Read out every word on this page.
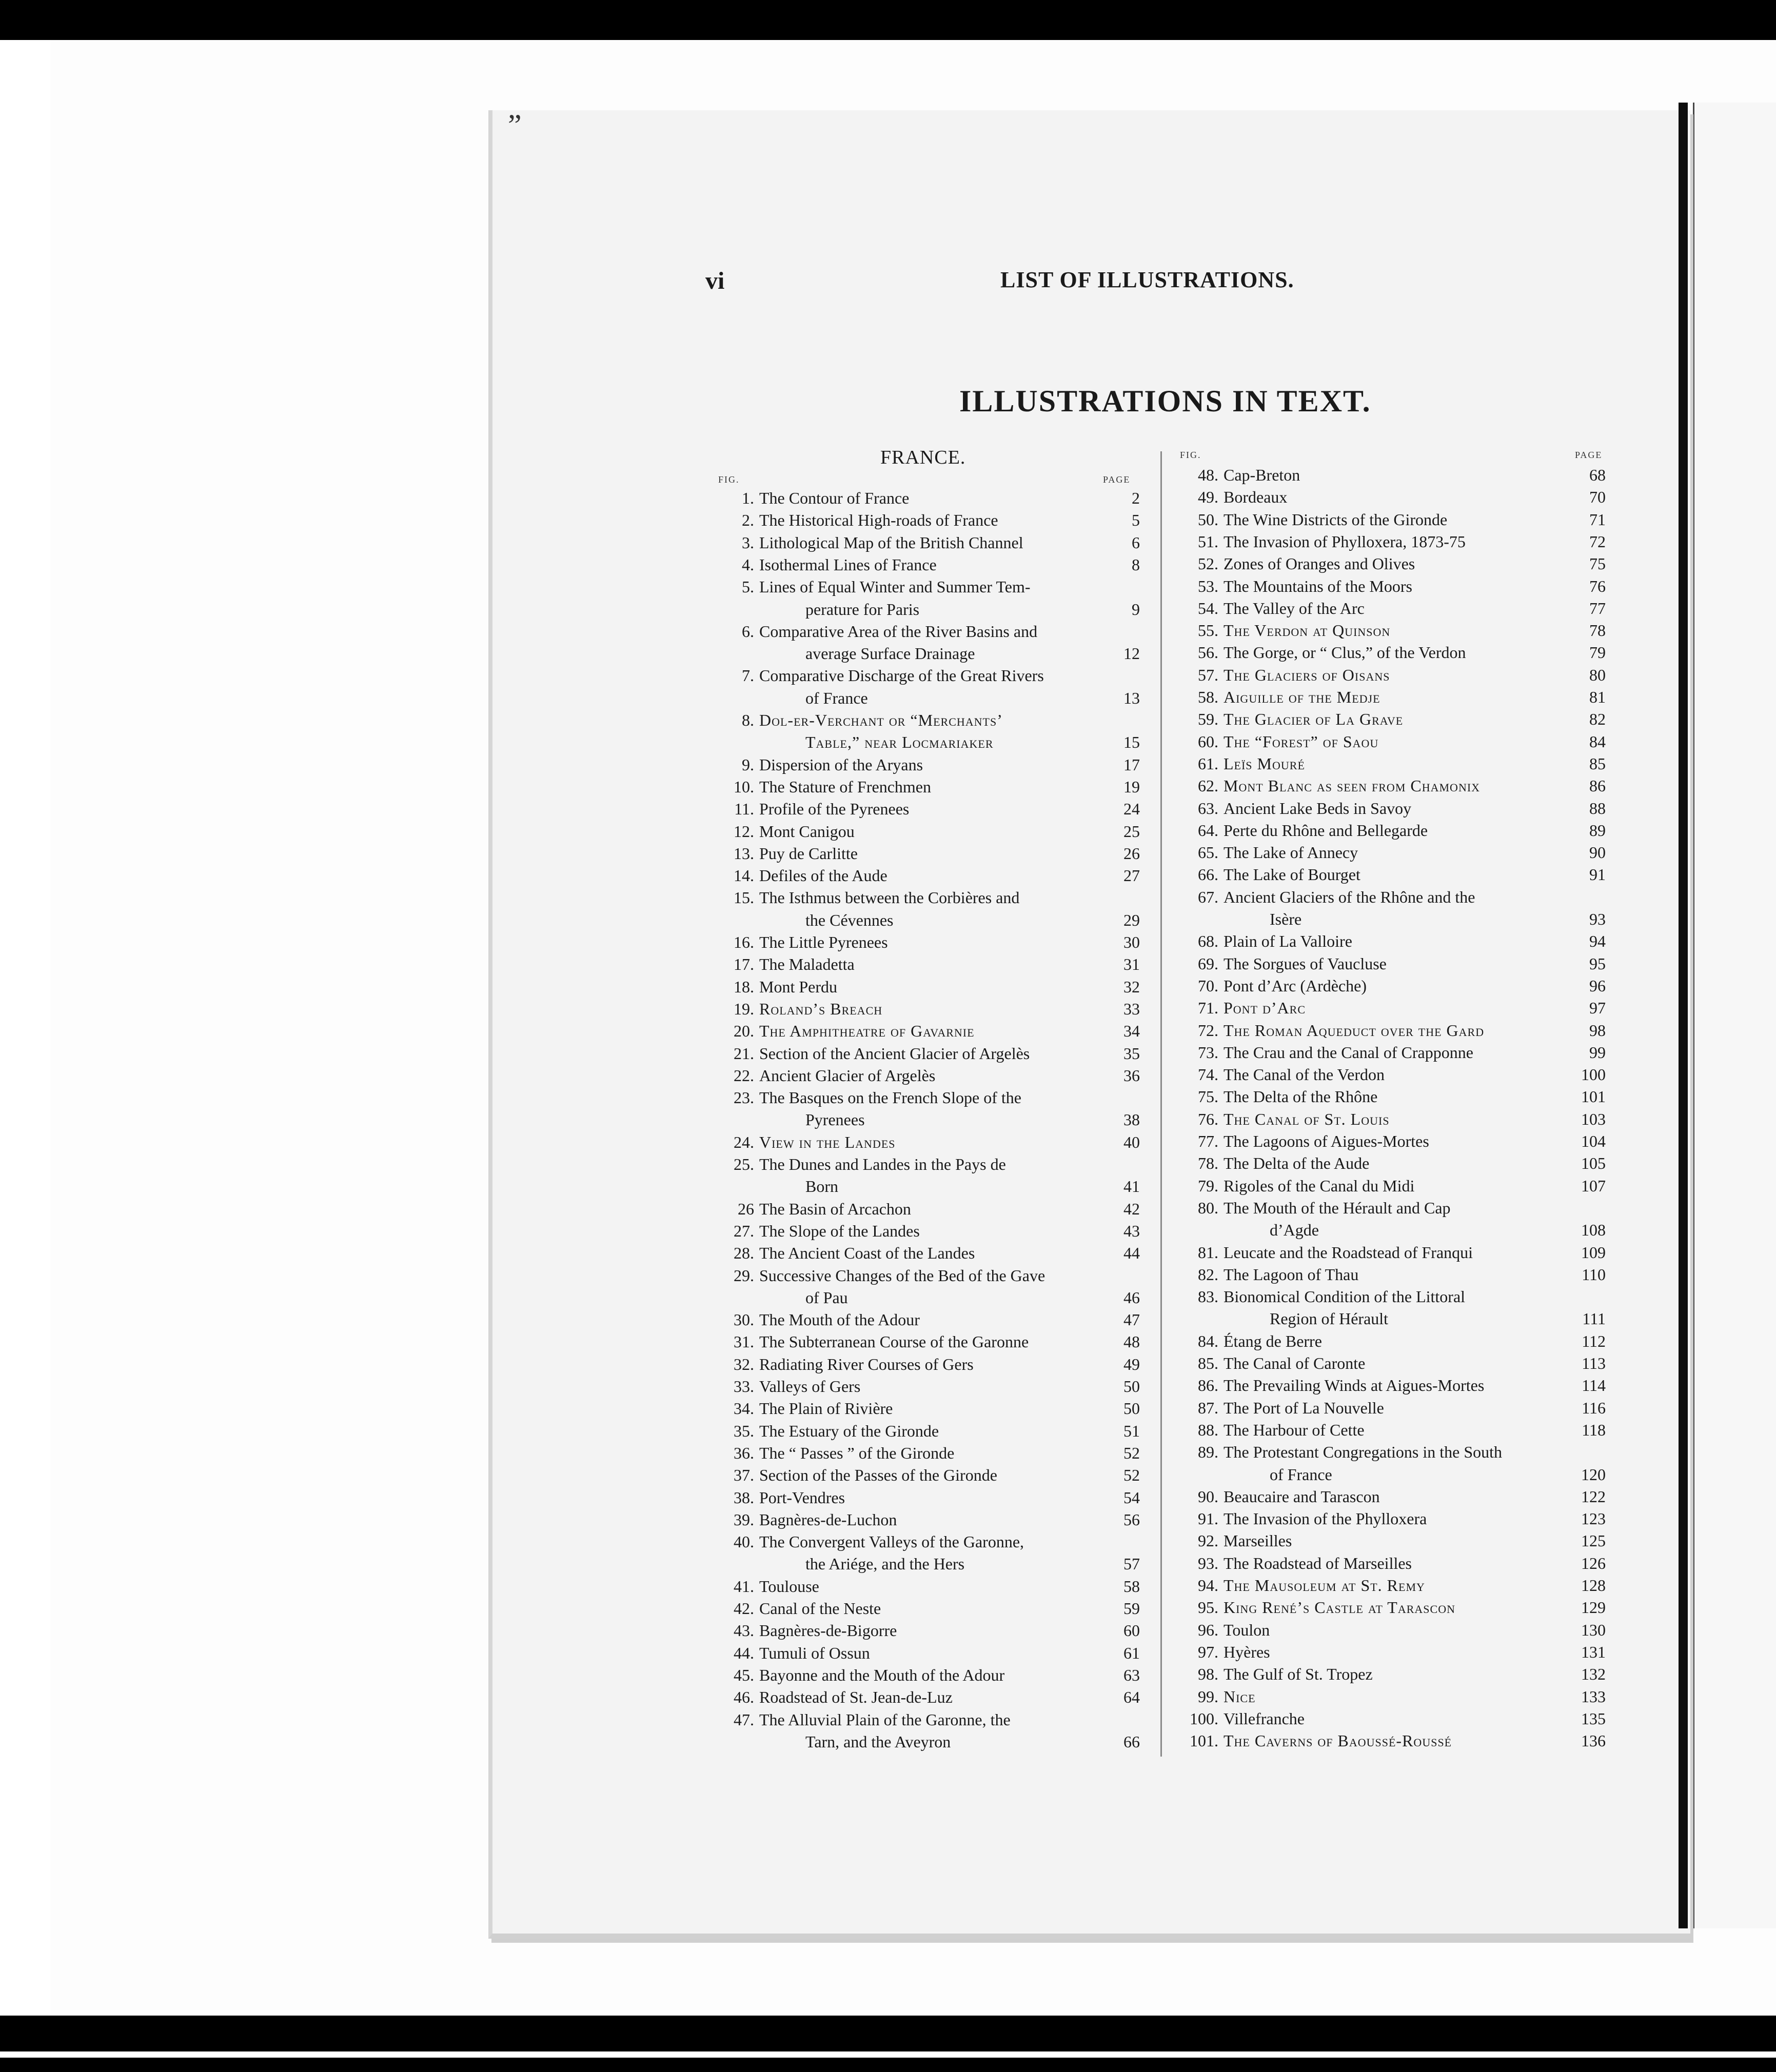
”
vi	LIST OF ILLUSTRATIONS.
ILLUSTRATIONS IN TEXT.
FRANCE.
FIG.	PAGE
FIG.	PAGE
1. The Contour of France	2
2. The Historical High-roads of France	5
3. Lithological Map of the British Channel	6
4. Isothermal Lines of France	8
5. Lines of Equal Winter and Summer Tem-
perature for Paris	9
6. Comparative Area of the River Basins and
average Surface Drainage	12
7. Comparative Discharge of the Great Rivers
of France	13
8. Dol-er-Verchant or “Merchants’
Table,” near Locmariaker	15
9. Dispersion of the Aryans	17
10. The Stature of Frenchmen	19
11. Profile of the Pyrenees	24
12. Mont Canigou	25
13. Puy de Carlitte	26
14. Defiles of the Aude	27
15. The Isthmus between the Corbières and
the Cévennes	29
16. The Little Pyrenees	30
17. The Maladetta	31
18. Mont Perdu	32
19. Roland’s Breach	33
20. The Amphitheatre of Gavarnie	34
21. Section of the Ancient Glacier of Argelès	35
22. Ancient Glacier of Argelès	36
23. The Basques on the French Slope of the
Pyrenees	38
24. View in the Landes	40
25. The Dunes and Landes in the Pays de
Born	41
26 The Basin of Arcachon	42
27. The Slope of the Landes	43
28. The Ancient Coast of the Landes	44
29. Successive Changes of the Bed of the Gave
of Pau	46
30. The Mouth of the Adour	47
31. The Subterranean Course of the Garonne	48
32. Radiating River Courses of Gers	49
33. Valleys of Gers	50
34. The Plain of Rivière	50
35. The Estuary of the Gironde	51
36. The “ Passes ” of the Gironde	52
37. Section of the Passes of the Gironde	52
38. Port-Vendres	54
39. Bagnères-de-Luchon	56
40. The Convergent Valleys of the Garonne,
the Ariége, and the Hers	57
41. Toulouse	58
42. Canal of the Neste	59
43. Bagnères-de-Bigorre	60
44. Tumuli of Ossun	61
45. Bayonne and the Mouth of the Adour	63
46. Roadstead of St. Jean-de-Luz	64
47. The Alluvial Plain of the Garonne, the
Tarn, and the Aveyron	66
48. Cap-Breton	68
49. Bordeaux	70
50. The Wine Districts of the Gironde	71
51. The Invasion of Phylloxera, 1873-75	72
52. Zones of Oranges and Olives	75
53. The Mountains of the Moors	76
54. The Valley of the Arc	77
55. The Verdon at Quinson	78
56. The Gorge, or “ Clus,” of the Verdon	79
57. The Glaciers of Oisans	80
58. Aiguille of the Medje	81
59. The Glacier of La Grave	82
60. The “Forest” of Saou	84
61. Leïs Mouré	85
62. Mont Blanc as seen from Chamonix	86
63. Ancient Lake Beds in Savoy	88
64. Perte du Rhône and Bellegarde	89
65. The Lake of Annecy	90
66. The Lake of Bourget	91
67. Ancient Glaciers of the Rhône and the
Isère	93
68. Plain of La Valloire	94
69. The Sorgues of Vaucluse	95
70. Pont d’Arc (Ardèche)	96
71. Pont d’Arc	97
72. The Roman Aqueduct over the Gard	98
73. The Crau and the Canal of Crapponne	99
74. The Canal of the Verdon	100
75. The Delta of the Rhône	101
76. The Canal of St. Louis	103
77. The Lagoons of Aigues-Mortes	104
78. The Delta of the Aude	105
79. Rigoles of the Canal du Midi	107
80. The Mouth of the Hérault and Cap
d’Agde	108
81. Leucate and the Roadstead of Franqui	109
82. The Lagoon of Thau	110
83. Bionomical Condition of the Littoral
Region of Hérault	111
84. Étang de Berre	112
85. The Canal of Caronte	113
86. The Prevailing Winds at Aigues-Mortes	114
87. The Port of La Nouvelle	116
88. The Harbour of Cette	118
89. The Protestant Congregations in the South
of France	120
90. Beaucaire and Tarascon	122
91. The Invasion of the Phylloxera	123
92. Marseilles	125
93. The Roadstead of Marseilles	126
94. The Mausoleum at St. Remy	128
95. King René’s Castle at Tarascon	129
96. Toulon	130
97. Hyères	131
98. The Gulf of St. Tropez	132
99. Nice	133
100. Villefranche	135
101. The Caverns of Baoussé-Roussé	136
